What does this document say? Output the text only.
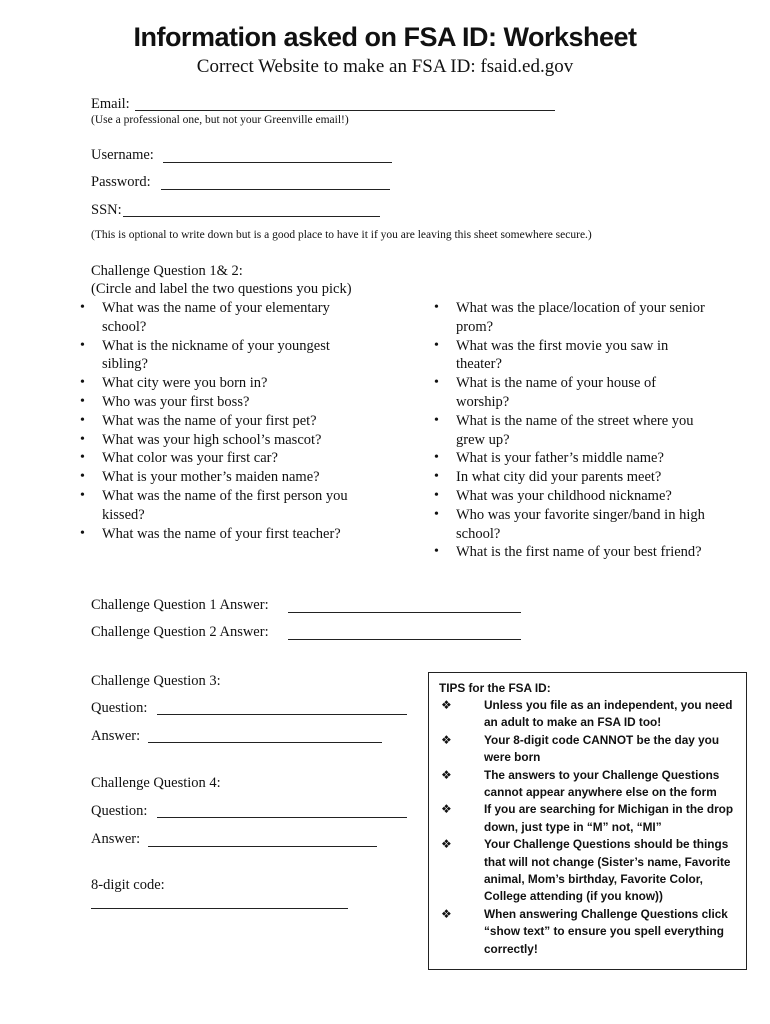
Information asked on FSA ID: Worksheet
Correct Website to make an FSA ID: fsaid.ed.gov
Email:
(Use a professional one, but not your Greenville email!)
Username:
Password:
SSN:
(This is optional to write down but is a good place to have it if you are leaving this sheet somewhere secure.)
Challenge Question 1& 2:
(Circle and label the two questions you pick)
• What was the name of your elementary school?
• What is the nickname of your youngest sibling?
• What city were you born in?
• Who was your first boss?
• What was the name of your first pet?
• What was your high school’s mascot?
• What color was your first car?
• What is your mother’s maiden name?
• What was the name of the first person you kissed?
• What was the name of your first teacher?
• What was the place/location of your senior prom?
• What was the first movie you saw in theater?
• What is the name of your house of worship?
• What is the name of the street where you grew up?
• What is your father’s middle name?
• In what city did your parents meet?
• What was your childhood nickname?
• Who was your favorite singer/band in high school?
• What is the first name of your best friend?
Challenge Question 1 Answer:
Challenge Question 2 Answer:
Challenge Question 3:
Question:
Answer:
Challenge Question 4:
Question:
Answer:
8-digit code:
TIPS for the FSA ID:
❖	Unless you file as an independent, you need an adult to make an FSA ID too!
❖	Your 8-digit code CANNOT be the day you were born
❖	The answers to your Challenge Questions cannot appear anywhere else on the form
❖	If you are searching for Michigan in the drop down, just type in “M” not, “MI”
❖	Your Challenge Questions should be things that will not change (Sister’s name, Favorite animal, Mom’s birthday, Favorite Color, College attending (if you know))
❖	When answering Challenge Questions click “show text” to ensure you spell everything correctly!
